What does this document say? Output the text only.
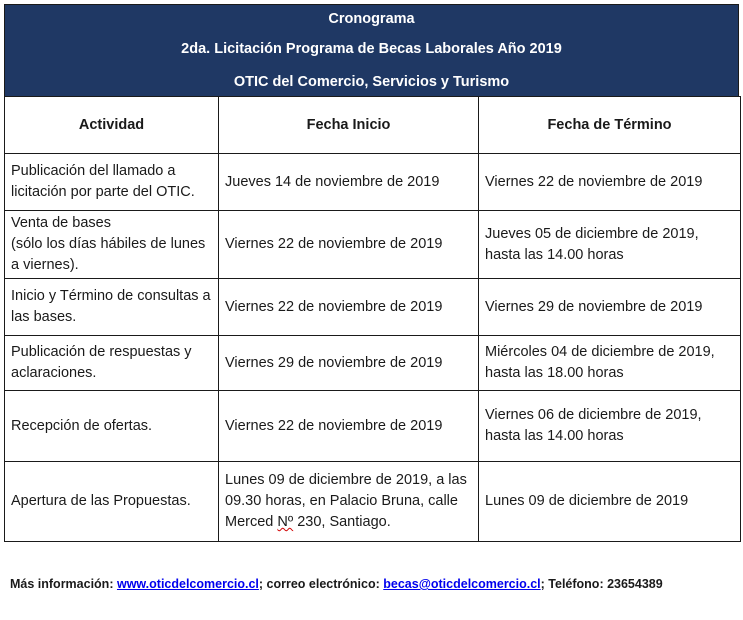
Cronograma
2da. Licitación Programa de Becas Laborales Año 2019
OTIC del Comercio, Servicios y Turismo
Actividad	Fecha Inicio	Fecha de Término
Publicación del llamado a licitación por parte del OTIC.	Jueves 14 de noviembre de 2019	Viernes 22 de noviembre de 2019

Venta de bases
(sólo los días hábiles de lunes a viernes).	Viernes 22 de noviembre de 2019	Jueves 05 de diciembre de 2019, hasta las 14.00 horas
Inicio y Término de consultas a las bases.	Viernes 22 de noviembre de 2019	Viernes 29 de noviembre de 2019
Publicación de respuestas y aclaraciones.	Viernes 29 de noviembre de 2019	Miércoles 04 de diciembre de 2019, hasta las 18.00 horas
Recepción de ofertas.	Viernes 22 de noviembre de 2019	Viernes 06 de diciembre de 2019, hasta las 14.00 horas
Apertura de las Propuestas.	Lunes 09 de diciembre de 2019, a las 09.30 horas, en Palacio Bruna, calle Merced Nº 230, Santiago.	Lunes 09 de diciembre de 2019
Más información: www.oticdelcomercio.cl; correo electrónico: becas@oticdelcomercio.cl; Teléfono: 23654389
